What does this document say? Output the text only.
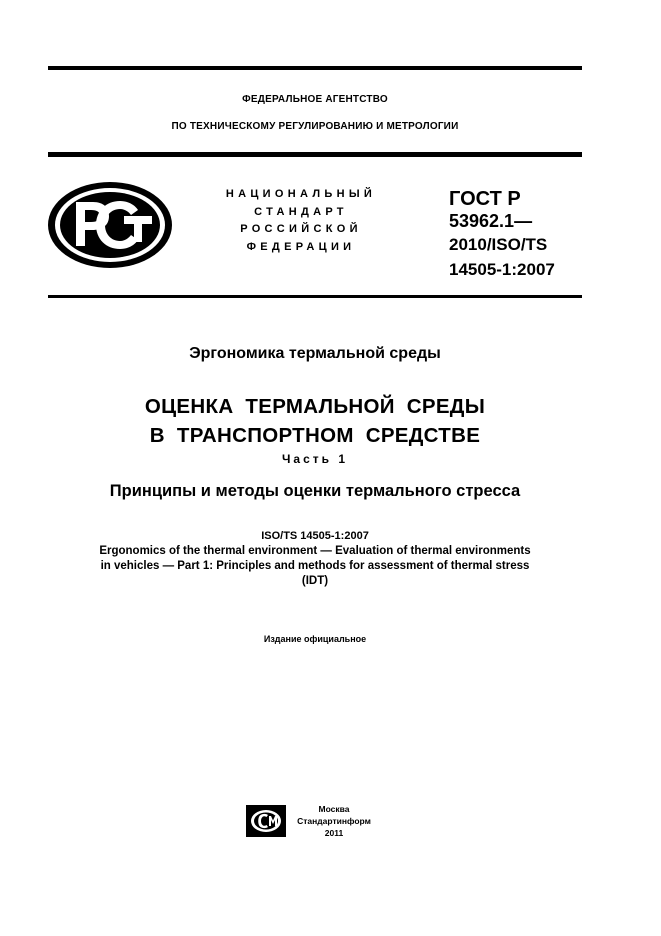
ФЕДЕРАЛЬНОЕ АГЕНТСТВО
ПО ТЕХНИЧЕСКОМУ РЕГУЛИРОВАНИЮ И МЕТРОЛОГИИ
НАЦИОНАЛЬНЫЙ
СТАНДАРТ
РОССИЙСКОЙ
ФЕДЕРАЦИИ
ГОСТ Р
53962.1—
2010/ISO/TS
14505-1:2007
Эргономика термальной среды
ОЦЕНКА ТЕРМАЛЬНОЙ СРЕДЫ
В ТРАНСПОРТНОМ СРЕДСТВЕ
Часть 1
Принципы и методы оценки термального стресса
ISO/TS 14505-1:2007
Ergonomics of the thermal environment — Evaluation of thermal environments
in vehicles — Part 1: Principles and methods for assessment of thermal stress
(IDT)
Издание официальное
Москва
Стандартинформ
2011
